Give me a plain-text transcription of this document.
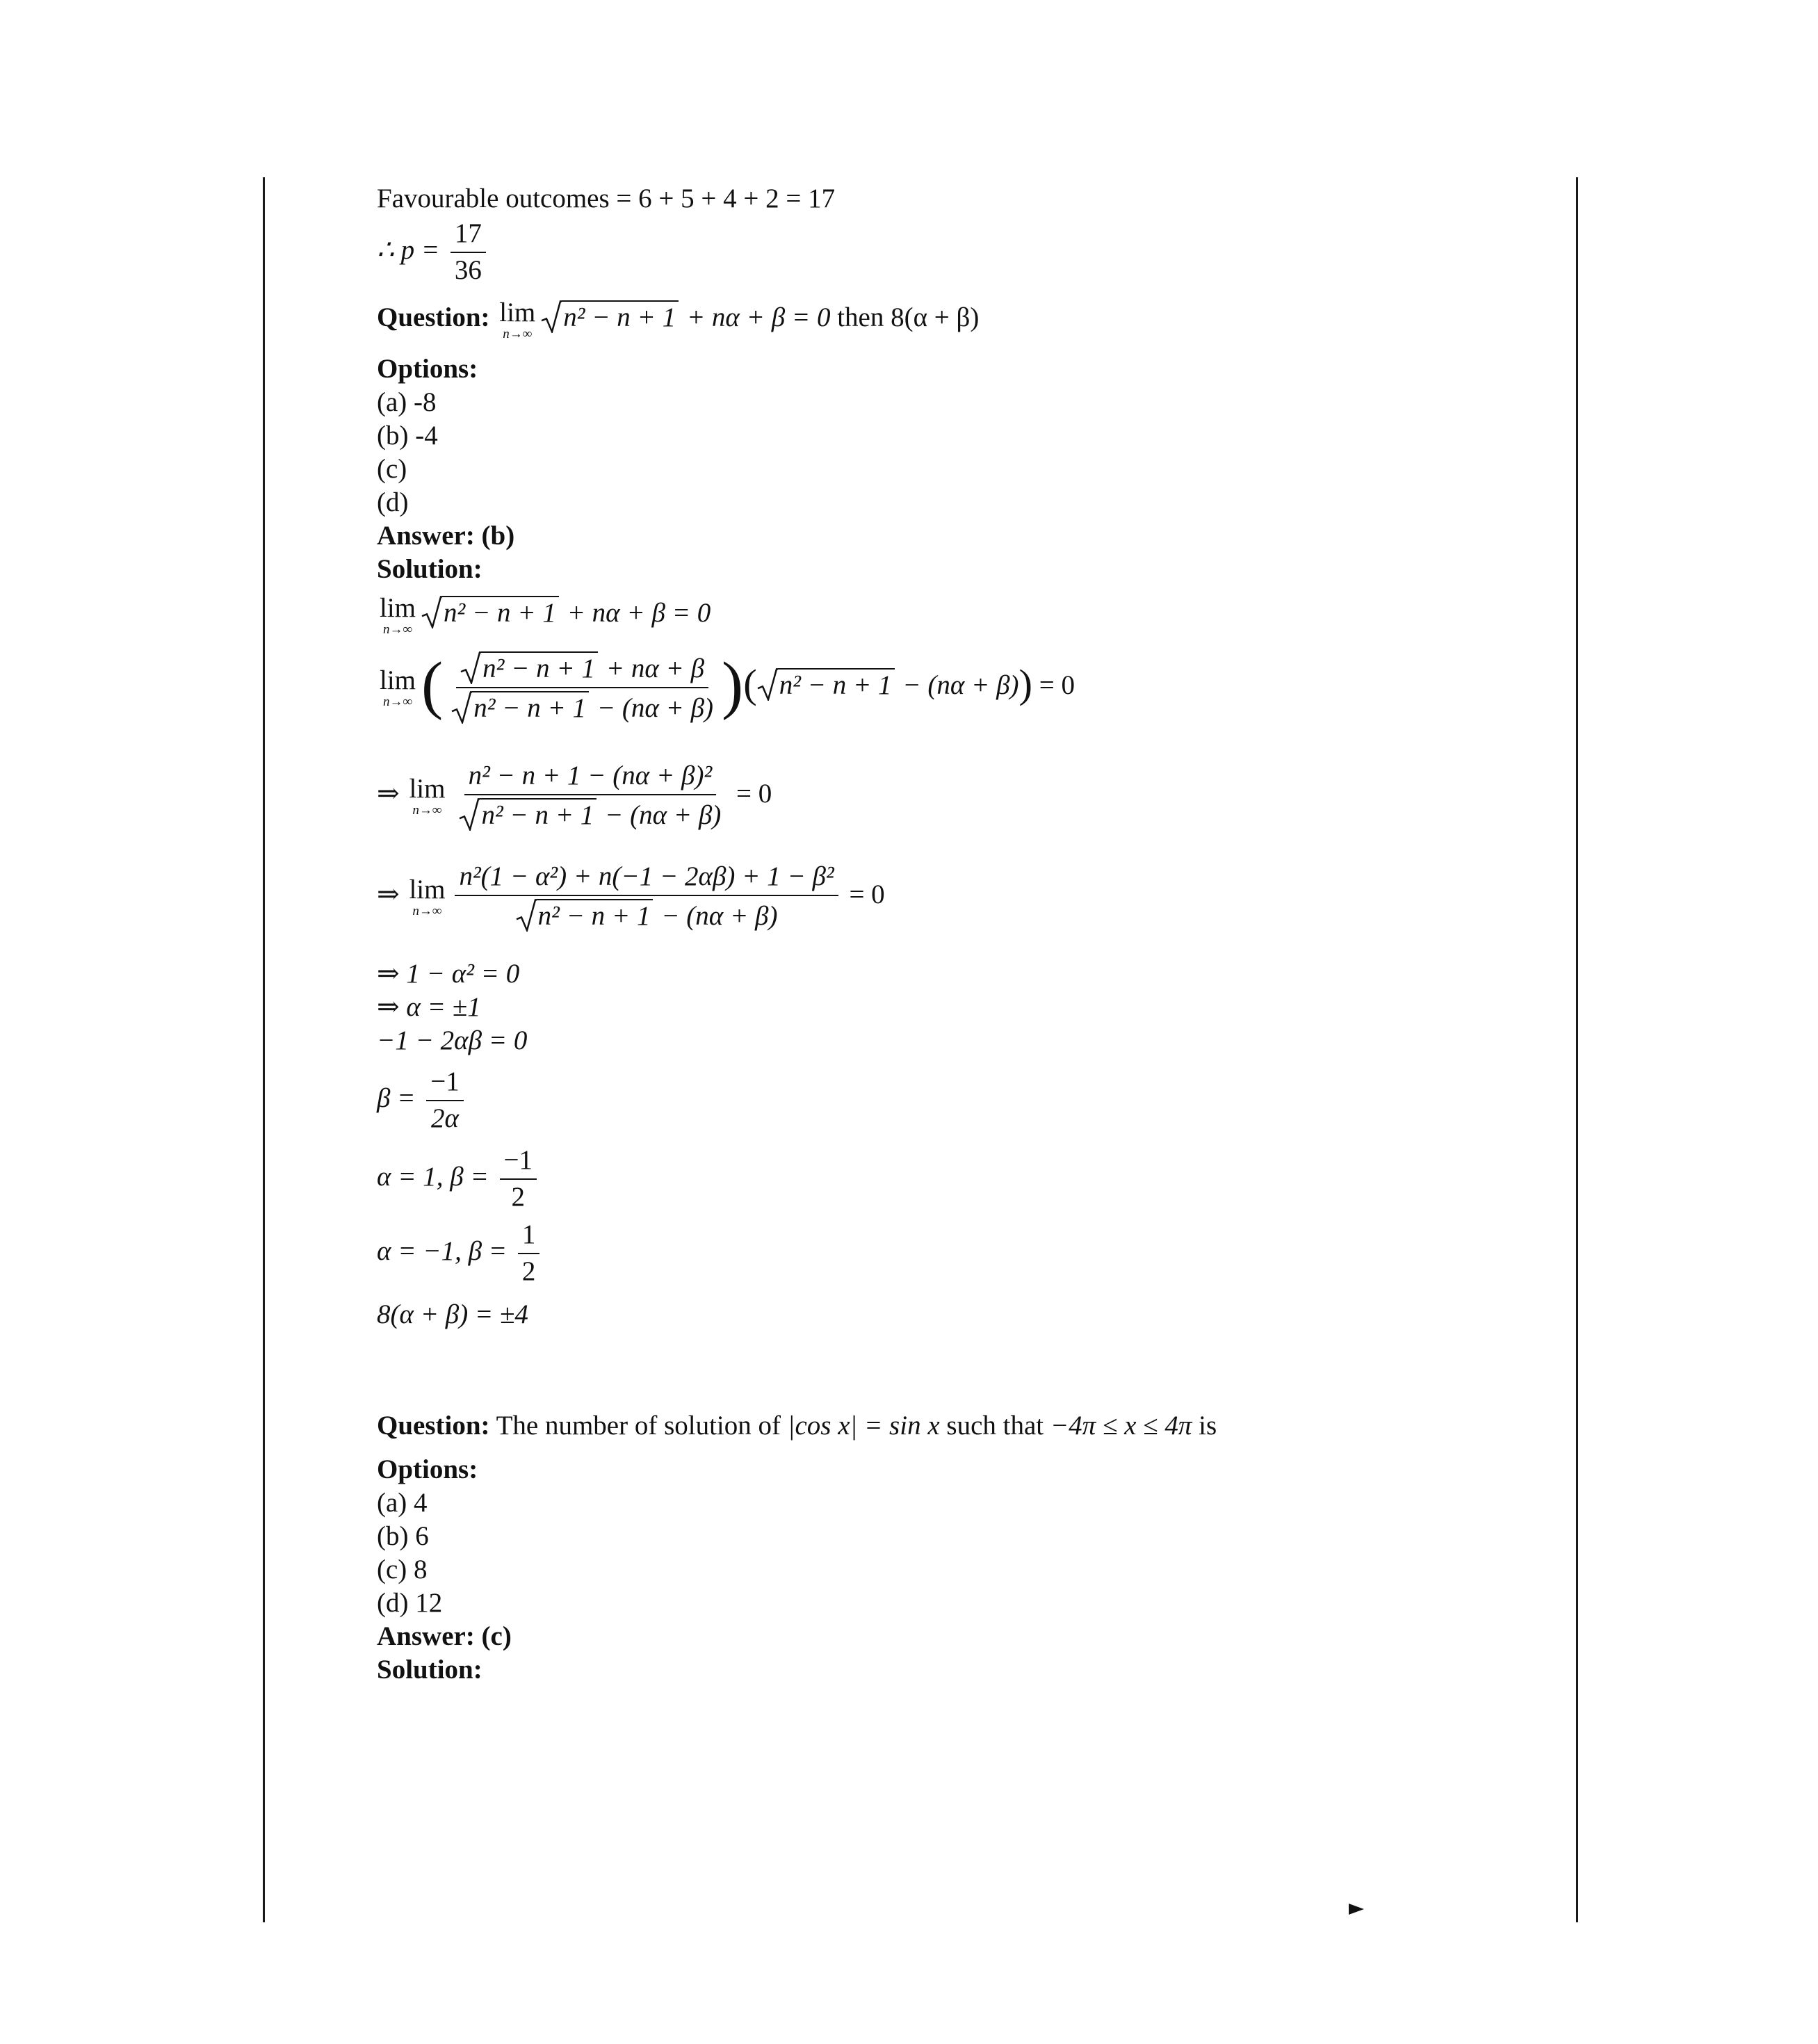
Favourable outcomes = 6 + 5 + 4 + 2 = 17
∴ $p = \frac{17}{36}$
Question: lim
n→∞
n² − n + 1 + nα + β = 0 then 8(α + β)
Options:
(a) -8
(b) -4
(c)
(d)
Answer: (b)
Solution:
lim
n→∞
n² − n + 1 + nα + β = 0
lim
n→∞ ( $\frac{\text{n² − n + 1 + nα + β}}{\text{n² − n + 1 − (nα + β)}}$ )( n² − n + 1 − (nα + β)) = 0
⇒ lim
$n\to\infty \frac{\text{n² − n + 1 − (nα + β)²}}{\text{n² − n + 1 − (nα + β)}} = 0$
⇒ lim
$n\to\infty \frac{\text{n²(1 − α²) + n(−1 − 2αβ) + 1 − β²}}{\text{n² − n + 1 − (nα + β)}} = 0$
⇒ 1 − α² = 0
⇒ α = ±1
−1 − 2αβ = 0
$\beta = \frac{-1}{2\alpha}$
α = 1, $\beta = \frac{-1}{2}$
α = −1, $\beta = \frac{1}{2}$
8(α + β) = ±4
Question: The number of solution of |cos x| = sin x such that −4π ≤ x ≤ 4π is
Options:
(a) 4
(b) 6
(c) 8
(d) 12
Answer: (c)
Solution:
